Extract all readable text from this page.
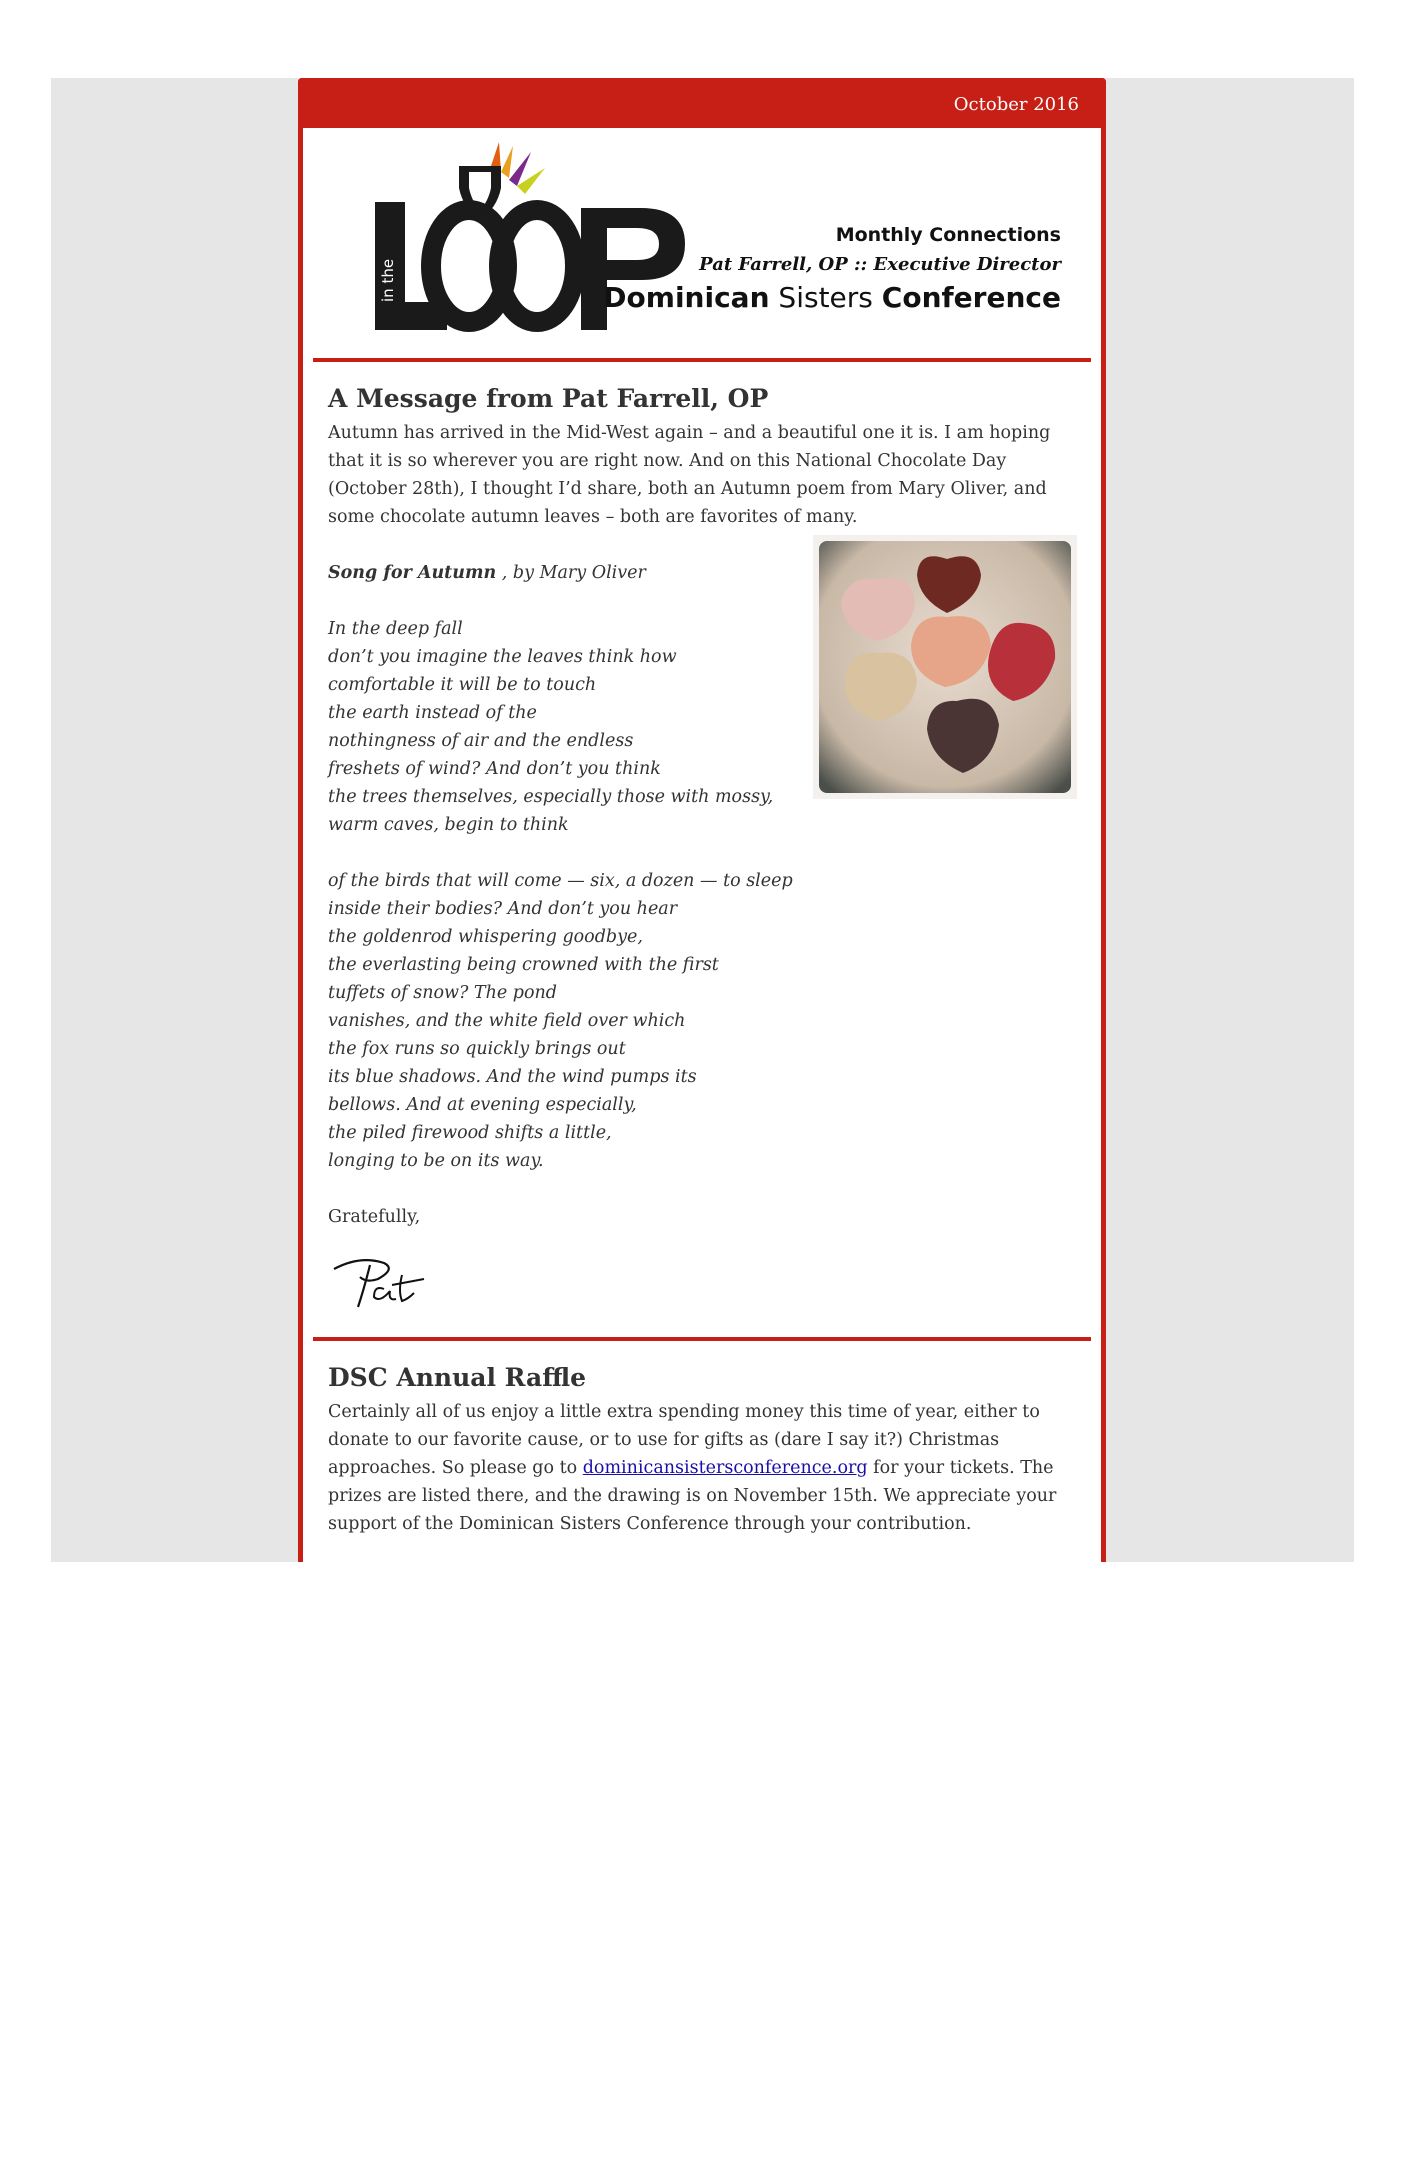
October 2016
in the
Monthly Connections
Pat Farrell, OP :: Executive Director
Dominican Sisters Conference
A Message from Pat Farrell, OP

Autumn has arrived in the Mid-West again – and a beautiful one it is. I am hoping that it is so wherever you are right now. And on this National Chocolate Day (October 28th), I thought I’d share, both an Autumn poem from Mary Oliver, and some chocolate autumn leaves – both are favorites of many.

Song for Autumn , by Mary Oliver

In the deep fall
don’t you imagine the leaves think how
comfortable it will be to touch
the earth instead of the
nothingness of air and the endless
freshets of wind? And don’t you think
the trees themselves, especially those with mossy,
warm caves, begin to think

of the birds that will come — six, a dozen — to sleep
inside their bodies? And don’t you hear
the goldenrod whispering goodbye,
the everlasting being crowned with the first
tuffets of snow? The pond
vanishes, and the white field over which
the fox runs so quickly brings out
its blue shadows. And the wind pumps its
bellows. And at evening especially,
the piled firewood shifts a little,
longing to be on its way.

Gratefully,

DSC Annual Raffle

Certainly all of us enjoy a little extra spending money this time of year, either to donate to our favorite cause, or to use for gifts as (dare I say it?) Christmas approaches. So please go to dominicansistersconference.org for your tickets. The prizes are listed there, and the drawing is on November 15th. We appreciate your support of the Dominican Sisters Conference through your contribution.
